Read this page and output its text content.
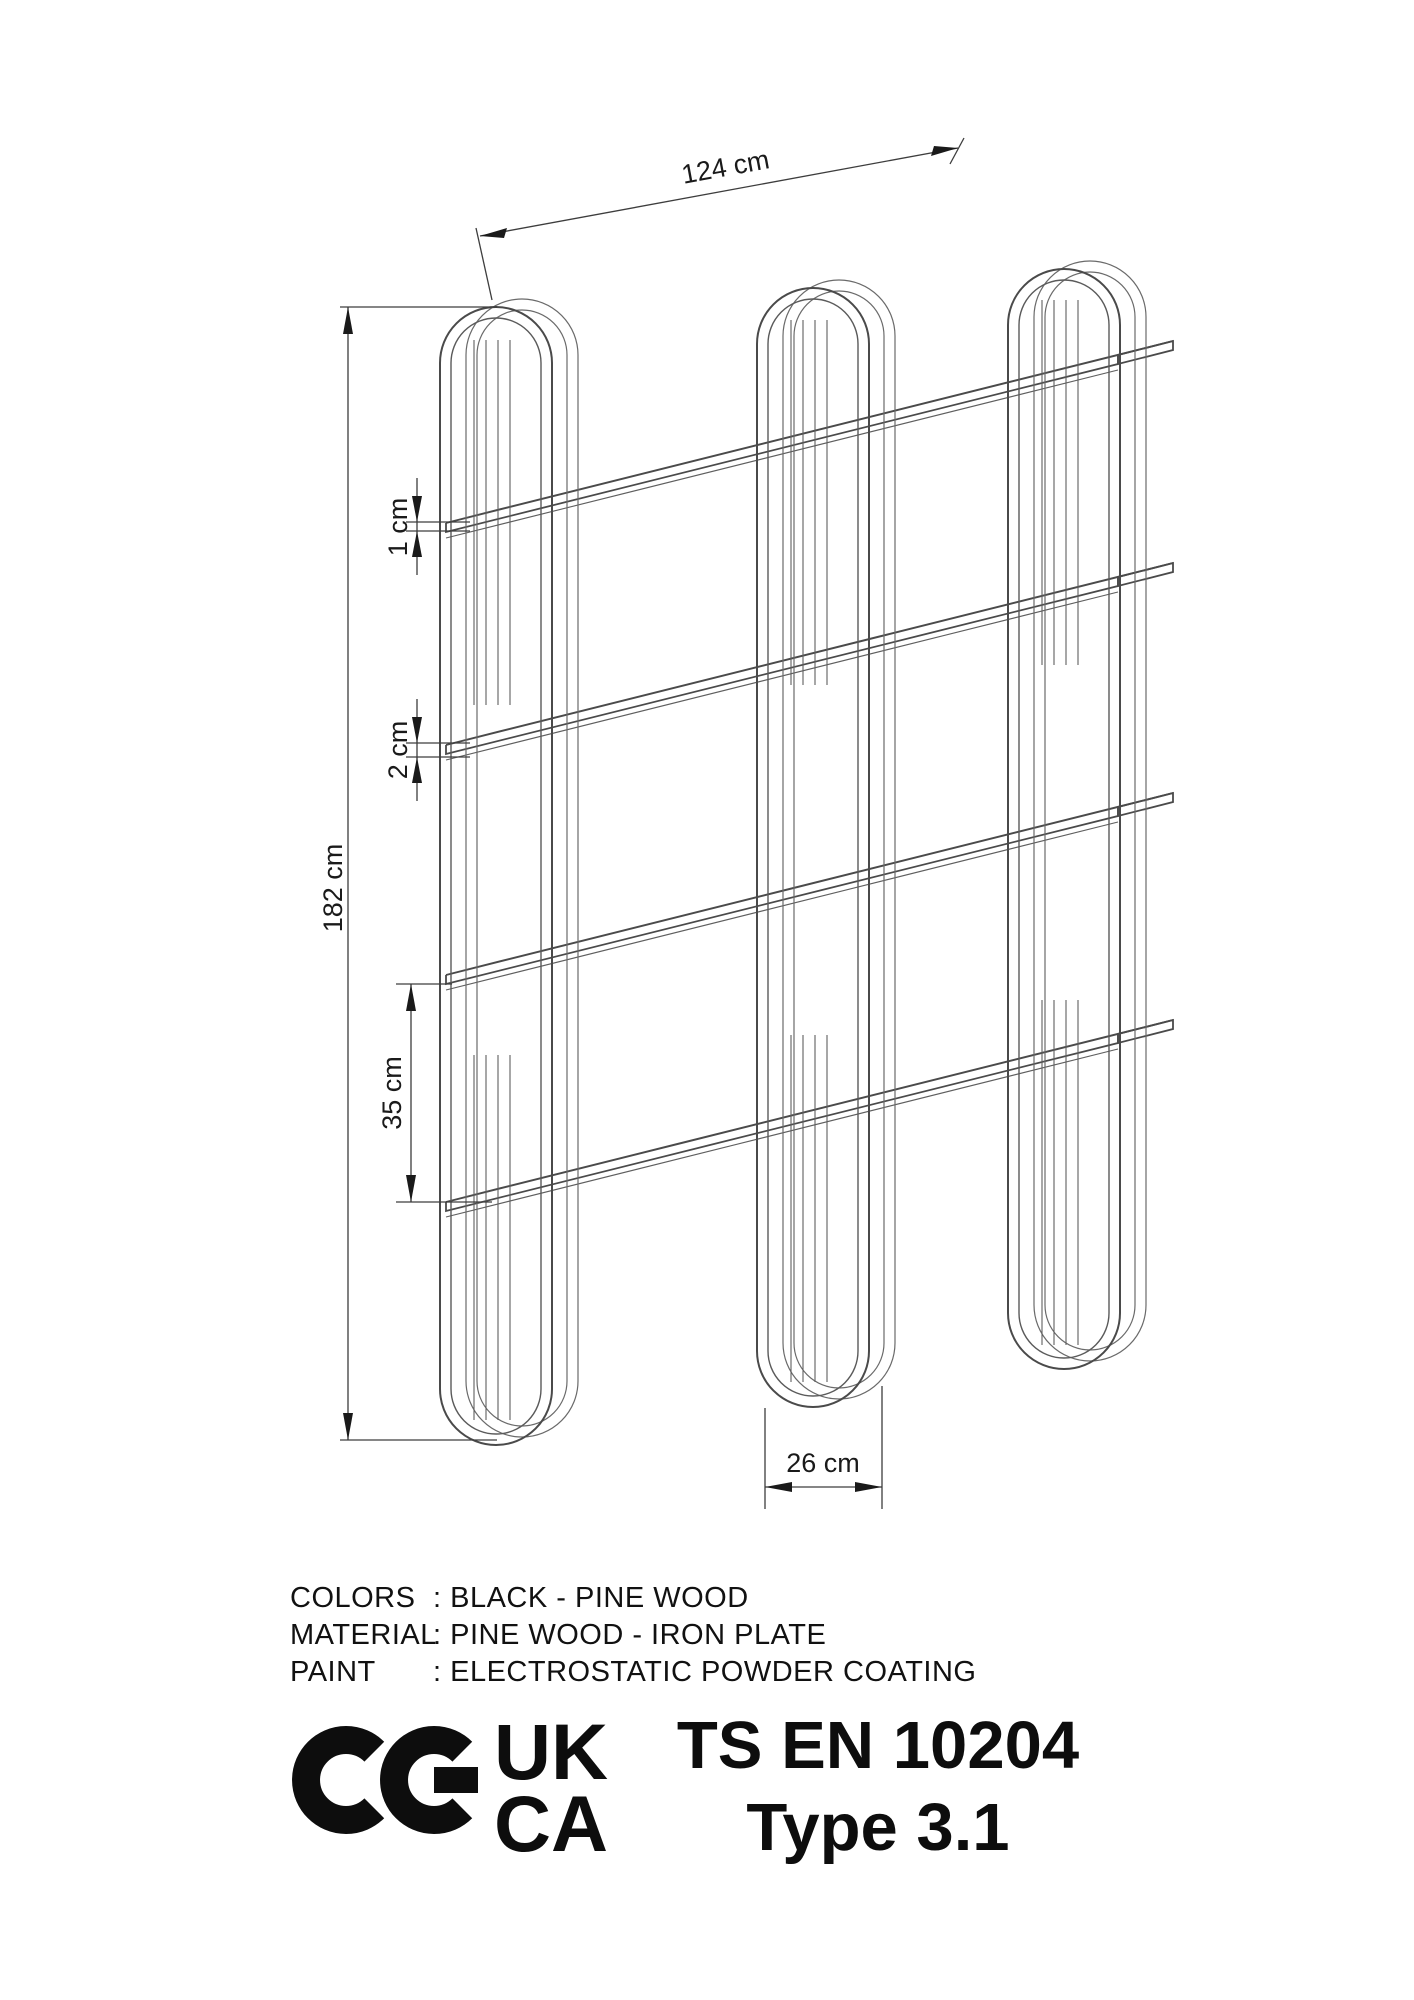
124 cm
182 cm
1 cm
2 cm
35 cm
26 cm
COLORS : BLACK - PINE WOOD
MATERIAL
: PINE WOOD - IRON PLATE
PAINT : ELECTROSTATIC POWDER COATING
UK
CA
TS EN 10204
Type 3.1
